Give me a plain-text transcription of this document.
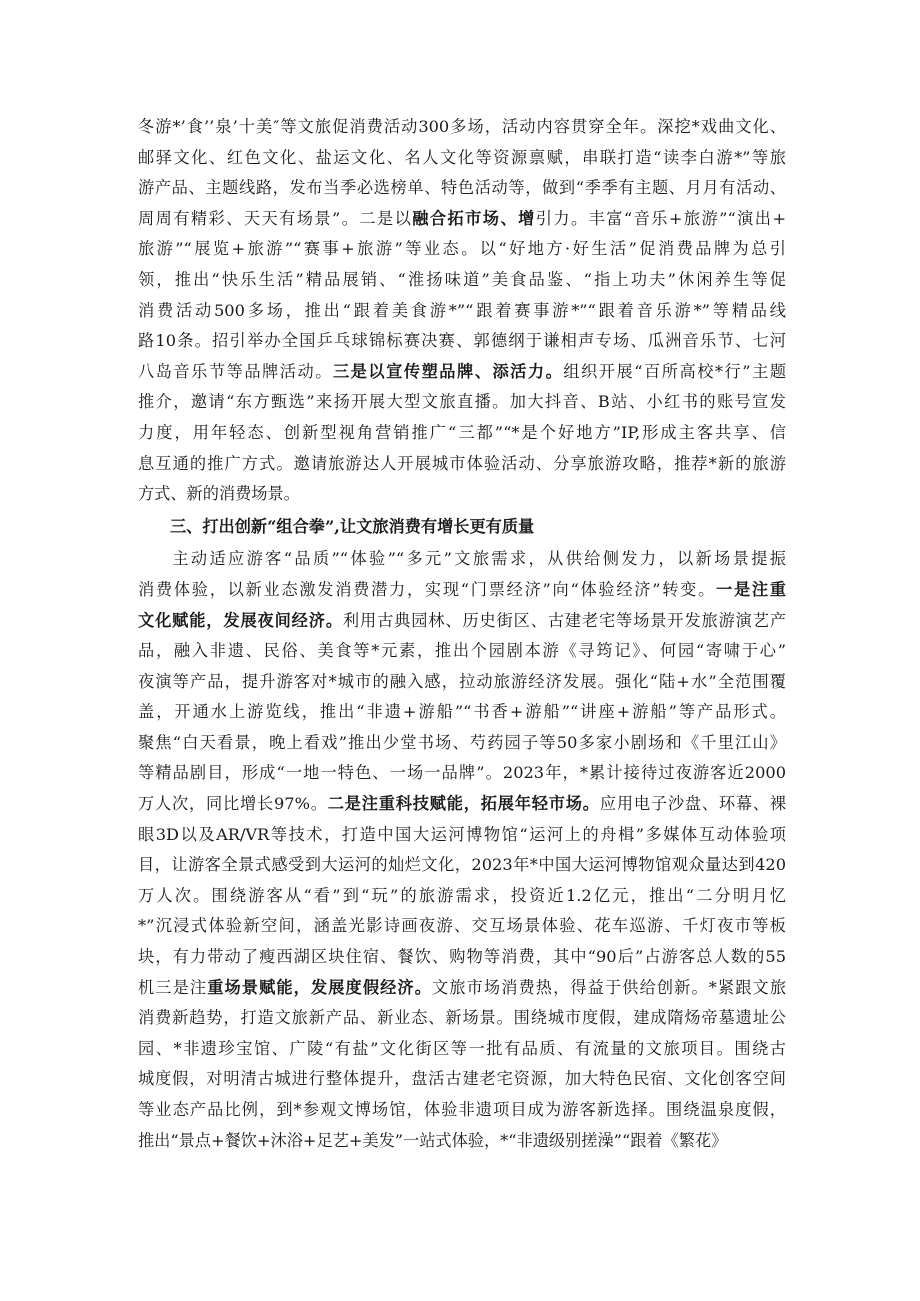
冬游*’食’’泉’十美″等文旅促消费活动300多场，活动内容贯穿全年。深挖*戏曲文化、
邮驿文化、红色文化、盐运文化、名人文化等资源禀赋，串联打造“读李白游*”等旅
游产品、主题线路，发布当季必选榜单、特色活动等，做到“季季有主题、月月有活动、
周周有精彩、天天有场景”。二是以融合拓市场、增引力。丰富“音乐+旅游”“演出+
旅游”“展览+旅游”“赛事+旅游”等业态。以“好地方·好生活”促消费品牌为总引
领，推出“快乐生活”精品展销、“淮扬味道”美食品鉴、“指上功夫”休闲养生等促
消费活动500多场，推出“跟着美食游*”“跟着赛事游*”“跟着音乐游*”等精品线
路10条。招引举办全国乒乓球锦标赛决赛、郭德纲于谦相声专场、瓜洲音乐节、七河
八岛音乐节等品牌活动。三是以宣传塑品牌、添活力。组织开展“百所高校*行”主题
推介，邀请“东方甄选”来扬开展大型文旅直播。加大抖音、B站、小红书的账号宣发
力度，用年轻态、创新型视角营销推广“三都”“*是个好地方”IP,形成主客共享、信
息互通的推广方式。邀请旅游达人开展城市体验活动、分享旅游攻略，推荐*新的旅游
方式、新的消费场景。
三、打出创新“组合拳”,让文旅消费有增长更有质量
主动适应游客“品质”“体验”“多元”文旅需求，从供给侧发力，以新场景提振
消费体验，以新业态激发消费潜力，实现“门票经济”向“体验经济”转变。一是注重
文化赋能，发展夜间经济。利用古典园林、历史街区、古建老宅等场景开发旅游演艺产
品，融入非遗、民俗、美食等*元素，推出个园剧本游《寻筠记》、何园“寄啸于心”
夜演等产品，提升游客对*城市的融入感，拉动旅游经济发展。强化“陆+水”全范围覆
盖，开通水上游览线，推出“非遗+游船”“书香+游船”“讲座+游船”等产品形式。
聚焦“白天看景，晚上看戏”推出少堂书场、芍药园子等50多家小剧场和《千里江山》
等精品剧目，形成“一地一特色、一场一品牌”。2023年，*累计接待过夜游客近2000
万人次，同比增长97%。二是注重科技赋能，拓展年轻市场。应用电子沙盘、环幕、裸
眼3D以及AR/VR等技术，打造中国大运河博物馆“运河上的舟楫”多媒体互动体验项
目，让游客全景式感受到大运河的灿烂文化，2023年*中国大运河博物馆观众量达到420
万人次。围绕游客从“看”到“玩”的旅游需求，投资近1.2亿元，推出“二分明月忆
*”沉浸式体验新空间，涵盖光影诗画夜游、交互场景体验、花车巡游、千灯夜市等板
块，有力带动了瘦西湖区块住宿、餐饮、购物等消费，其中“90后”占游客总人数的55
机三是注重场景赋能，发展度假经济。文旅市场消费热，得益于供给创新。*紧跟文旅
消费新趋势，打造文旅新产品、新业态、新场景。围绕城市度假，建成隋炀帝墓遗址公
园、*非遗珍宝馆、广陵“有盐”文化街区等一批有品质、有流量的文旅项目。围绕古
城度假，对明清古城进行整体提升，盘活古建老宅资源，加大特色民宿、文化创客空间
等业态产品比例，到*参观文博场馆，体验非遗项目成为游客新选择。围绕温泉度假，
推出“景点+餐饮+沐浴+足艺+美发”一站式体验，*“非遗级别搓澡”“跟着《繁花》
